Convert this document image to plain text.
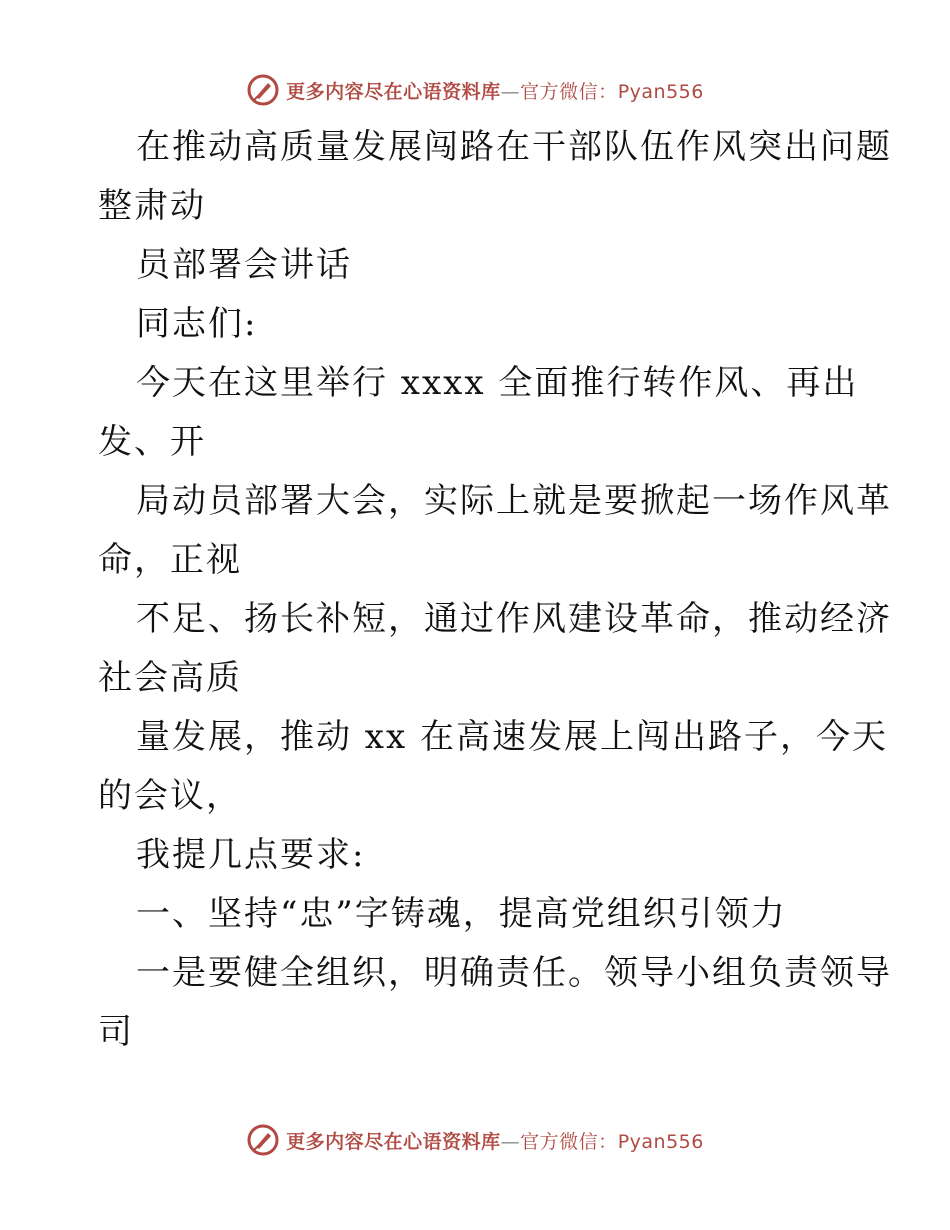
更多内容尽在心语资料库—官方微信：Pyan556
在推动高质量发展闯路在干部队伍作风突出问题
整肃动
员部署会讲话
同志们:
今天在这里举行 xxxx 全面推行转作风、再出
发、开
局动员部署大会，实际上就是要掀起一场作风革
命，正视
不足、扬长补短，通过作风建设革命，推动经济
社会高质
量发展，推动 xx 在高速发展上闯出路子，今天
的会议，
我提几点要求:
一、坚持“忠”字铸魂，提高党组织引领力
一是要健全组织，明确责任。领导小组负责领导
司
更多内容尽在心语资料库—官方微信：Pyan556
